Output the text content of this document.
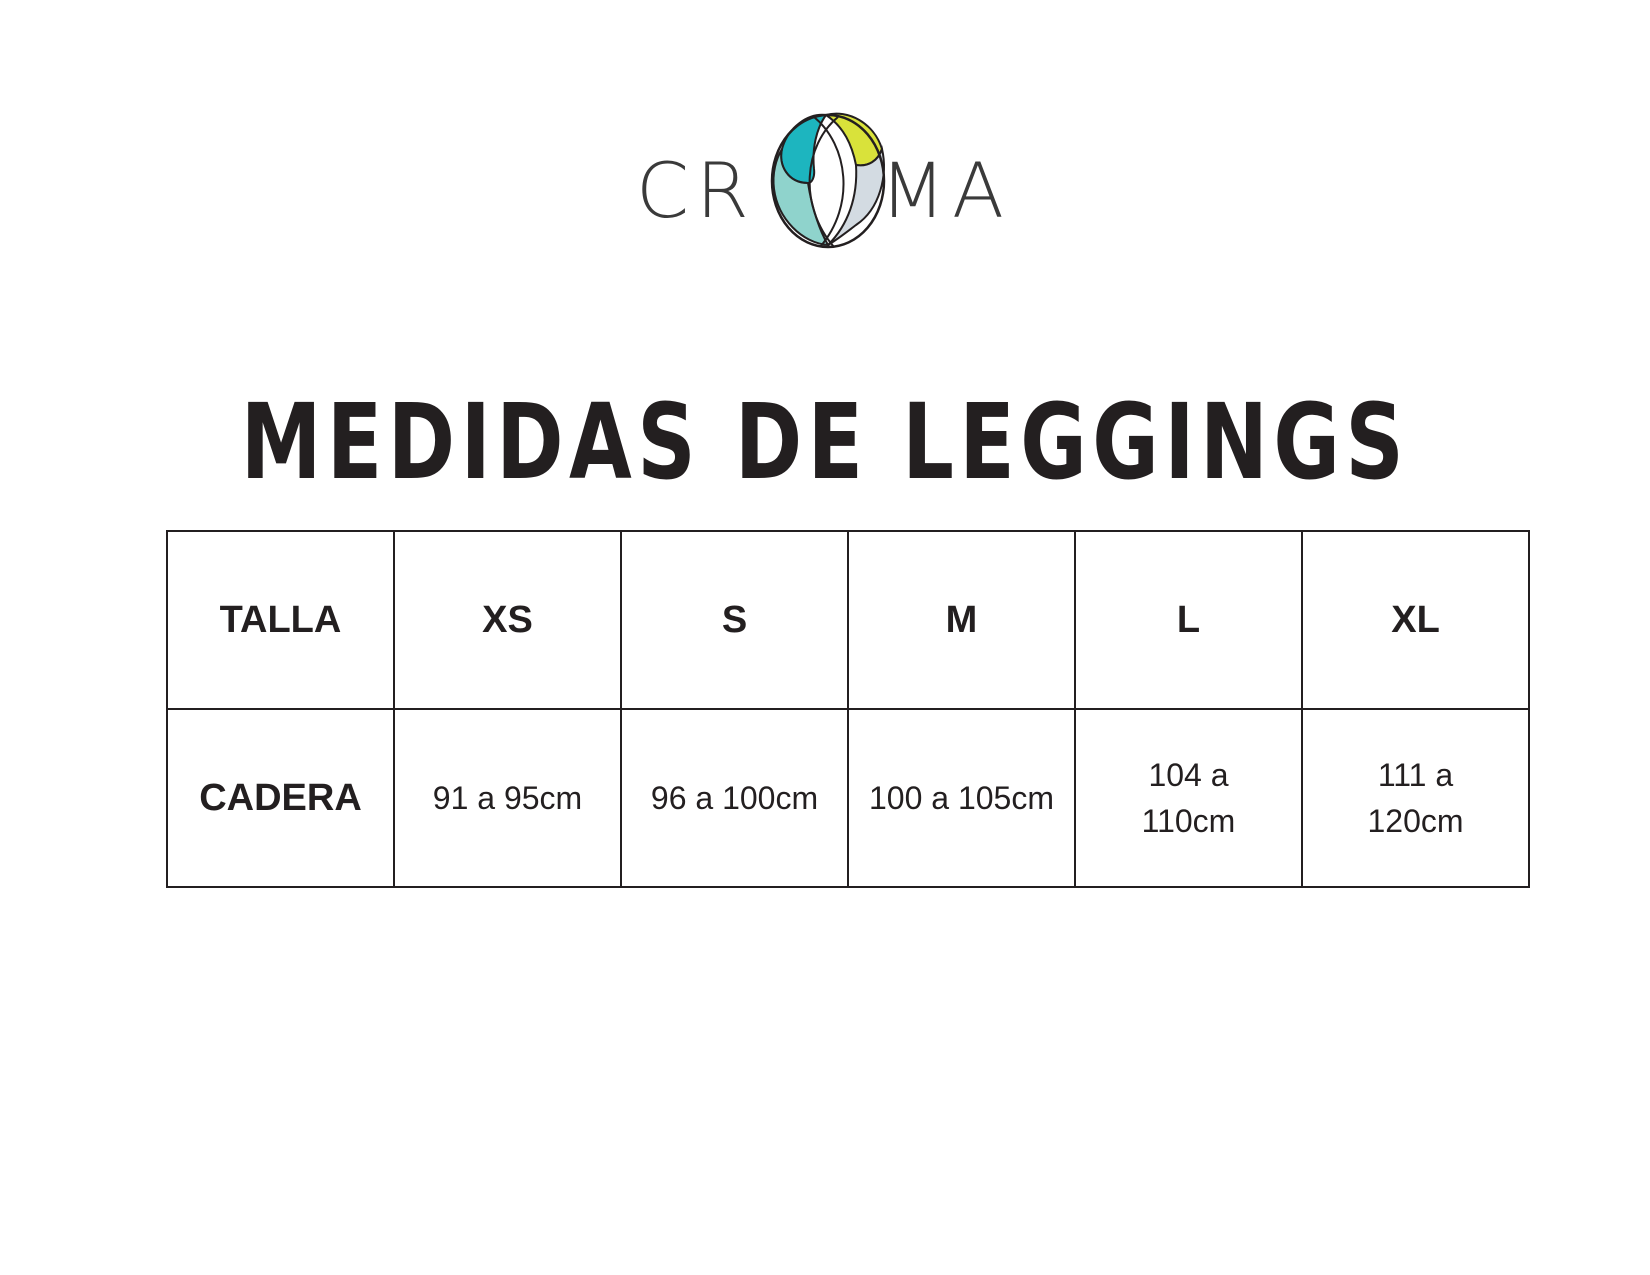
C R M A
MEDIDAS DE LEGGINGS
TALLA	XS	S	M	L	XL
CADERA	91 a 95cm	96 a 100cm	100 a 105cm	104 a 110cm	111 a 120cm
